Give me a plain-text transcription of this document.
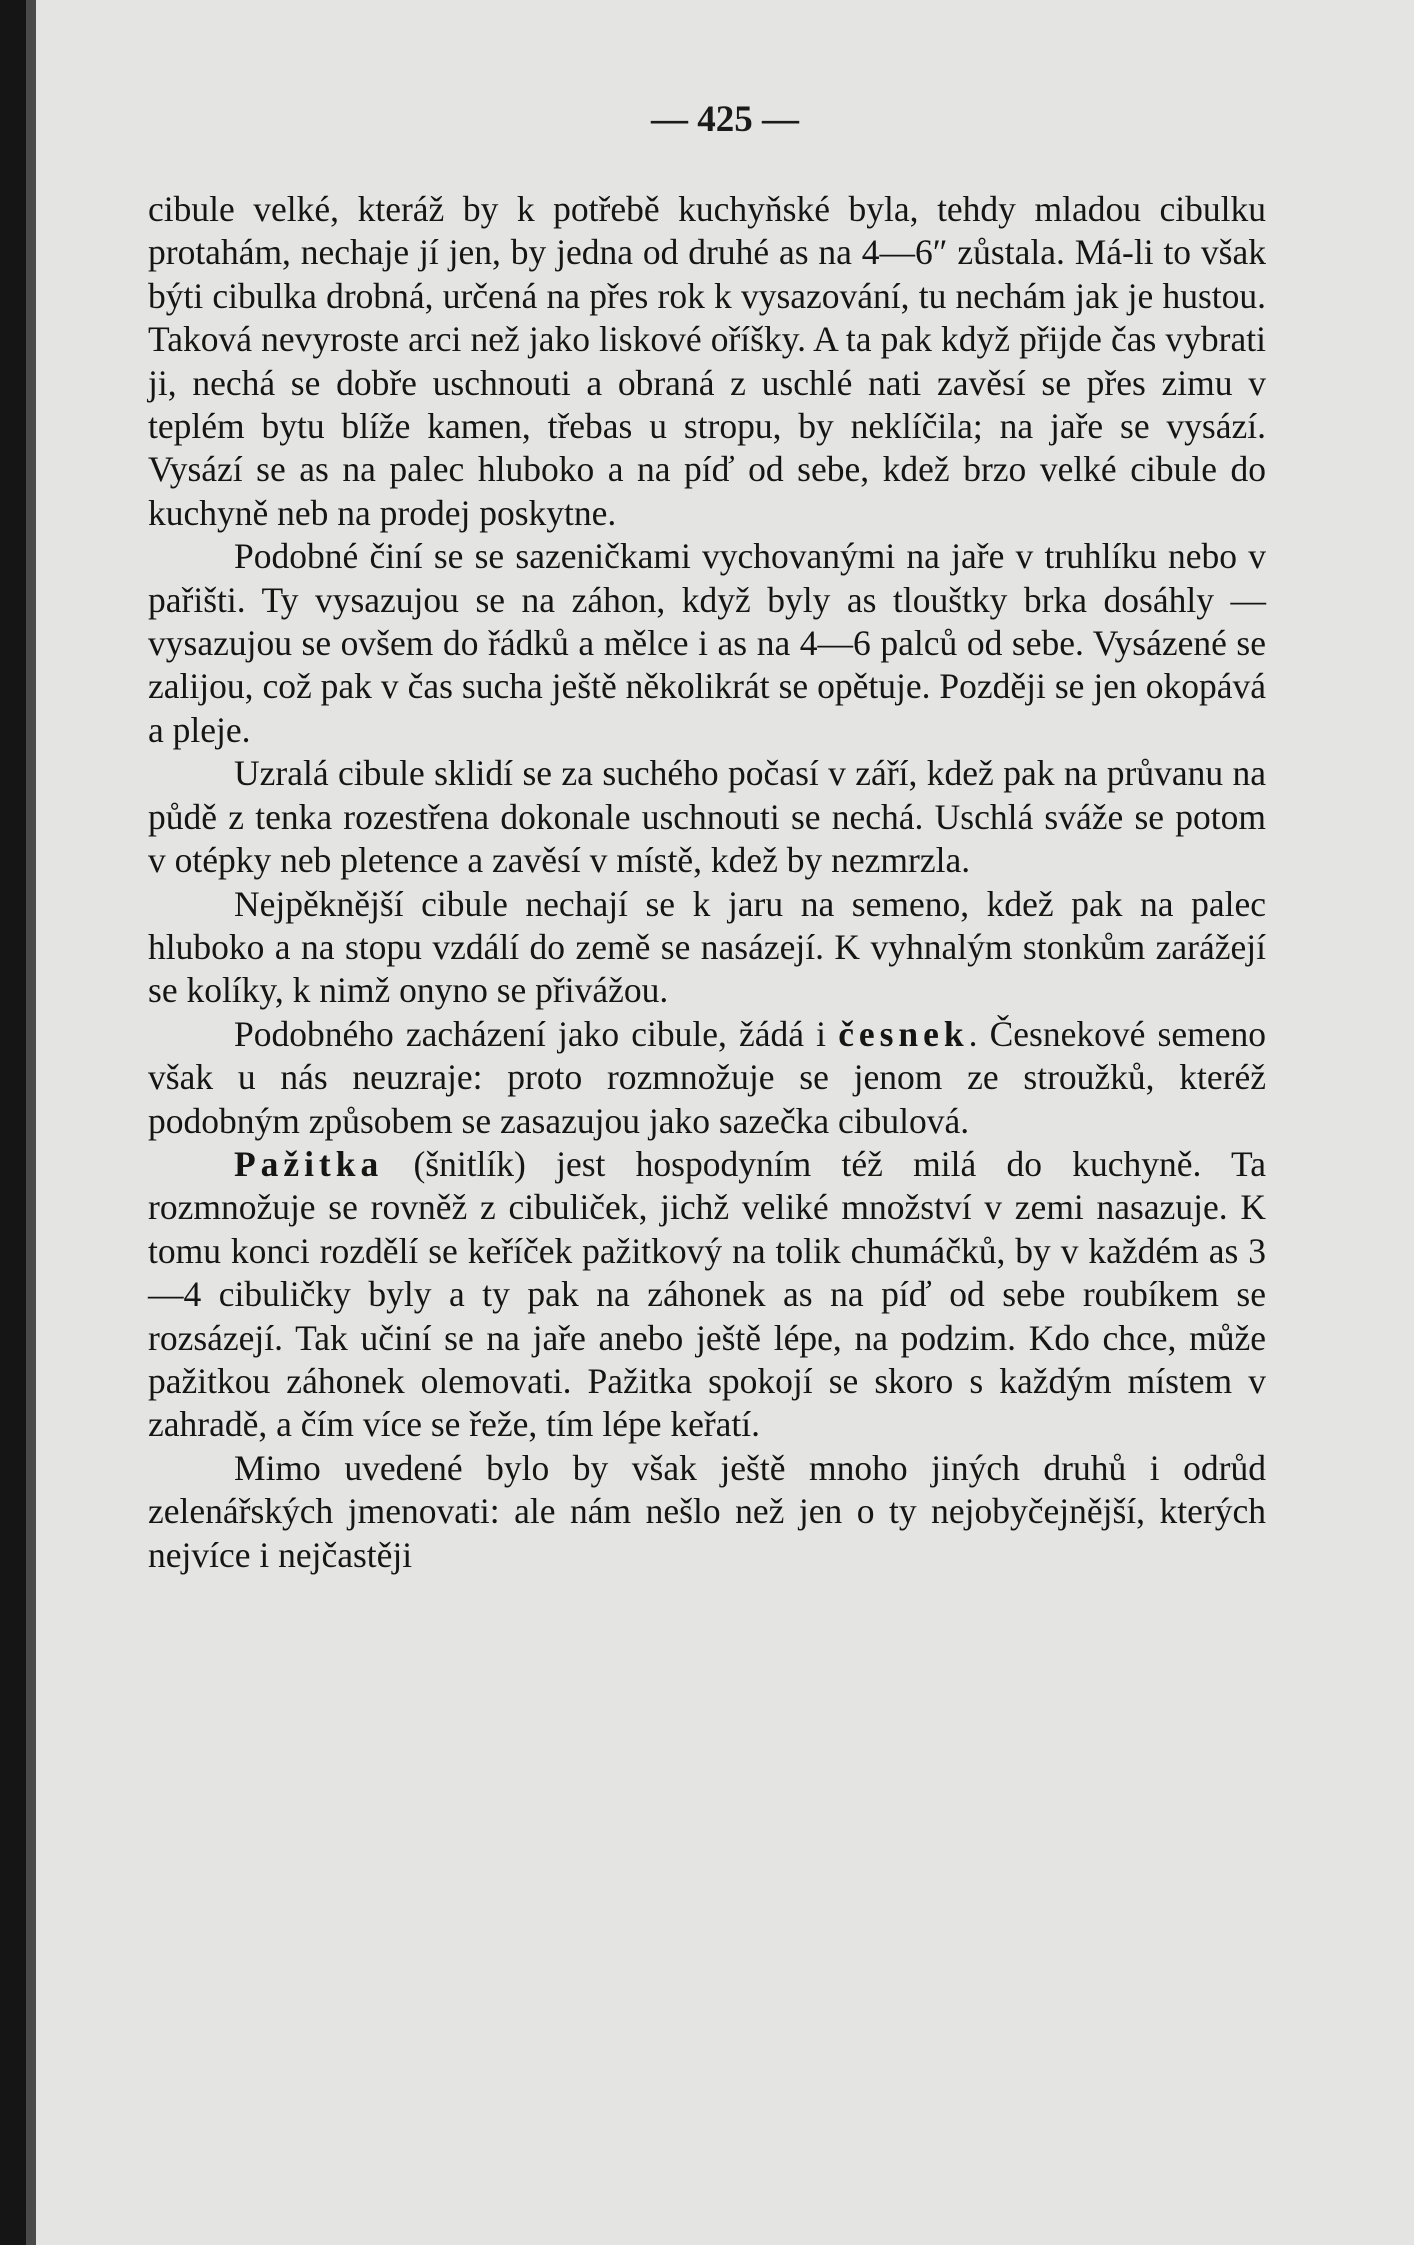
— 425 —

cibule velké, kteráž by k potřebě kuchyňské byla, tehdy mladou cibulku protahám, nechaje jí jen, by jedna od druhé as na 4—6″ zůstala. Má-li to však býti cibulka drobná, určená na přes rok k vysazování, tu nechám jak je hustou. Taková nevyroste arci než jako liskové oříšky. A ta pak když přijde čas vybrati ji, nechá se dobře uschnouti a obraná z uschlé nati zavěsí se přes zimu v teplém bytu blíže kamen, třebas u stropu, by neklíčila; na jaře se vysází. Vysází se as na palec hluboko a na píď od sebe, kdež brzo velké cibule do kuchyně neb na prodej poskytne.

Podobné činí se se sazeničkami vychovanými na jaře v truhlíku nebo v pařišti. Ty vysazujou se na záhon, když byly as tlouštky brka dosáhly — vysazujou se ovšem do řádků a mělce i as na 4—6 palců od sebe. Vysázené se zalijou, což pak v čas sucha ještě několikrát se opětuje. Později se jen okopává a pleje.

Uzralá cibule sklidí se za suchého počasí v září, kdež pak na průvanu na půdě z tenka rozestřena dokonale uschnouti se nechá. Uschlá sváže se potom v otépky neb pletence a zavěsí v místě, kdež by nezmrzla.

Nejpěknější cibule nechají se k jaru na semeno, kdež pak na palec hluboko a na stopu vzdálí do země se nasázejí. K vyhnalým stonkům zarážejí se kolíky, k nimž onyno se přivážou.

Podobného zacházení jako cibule, žádá i česnek. Česnekové semeno však u nás neuzraje: proto rozmnožuje se jenom ze stroužků, kteréž podobným způsobem se zasazujou jako sazečka cibulová.

Pažitka (šnitlík) jest hospodyním též milá do kuchyně. Ta rozmnožuje se rovněž z cibuliček, jichž veliké množství v zemi nasazuje. K tomu konci rozdělí se keříček pažitkový na tolik chumáčků, by v každém as 3—4 cibuličky byly a ty pak na záhonek as na píď od sebe roubíkem se rozsázejí. Tak učiní se na jaře anebo ještě lépe, na podzim. Kdo chce, může pažitkou záhonek olemovati. Pažitka spokojí se skoro s každým místem v zahradě, a čím více se řeže, tím lépe keřatí.

Mimo uvedené bylo by však ještě mnoho jiných druhů i odrůd zelenářských jmenovati: ale nám nešlo než jen o ty nejobyčejnější, kterých nejvíce i nejčastěji
